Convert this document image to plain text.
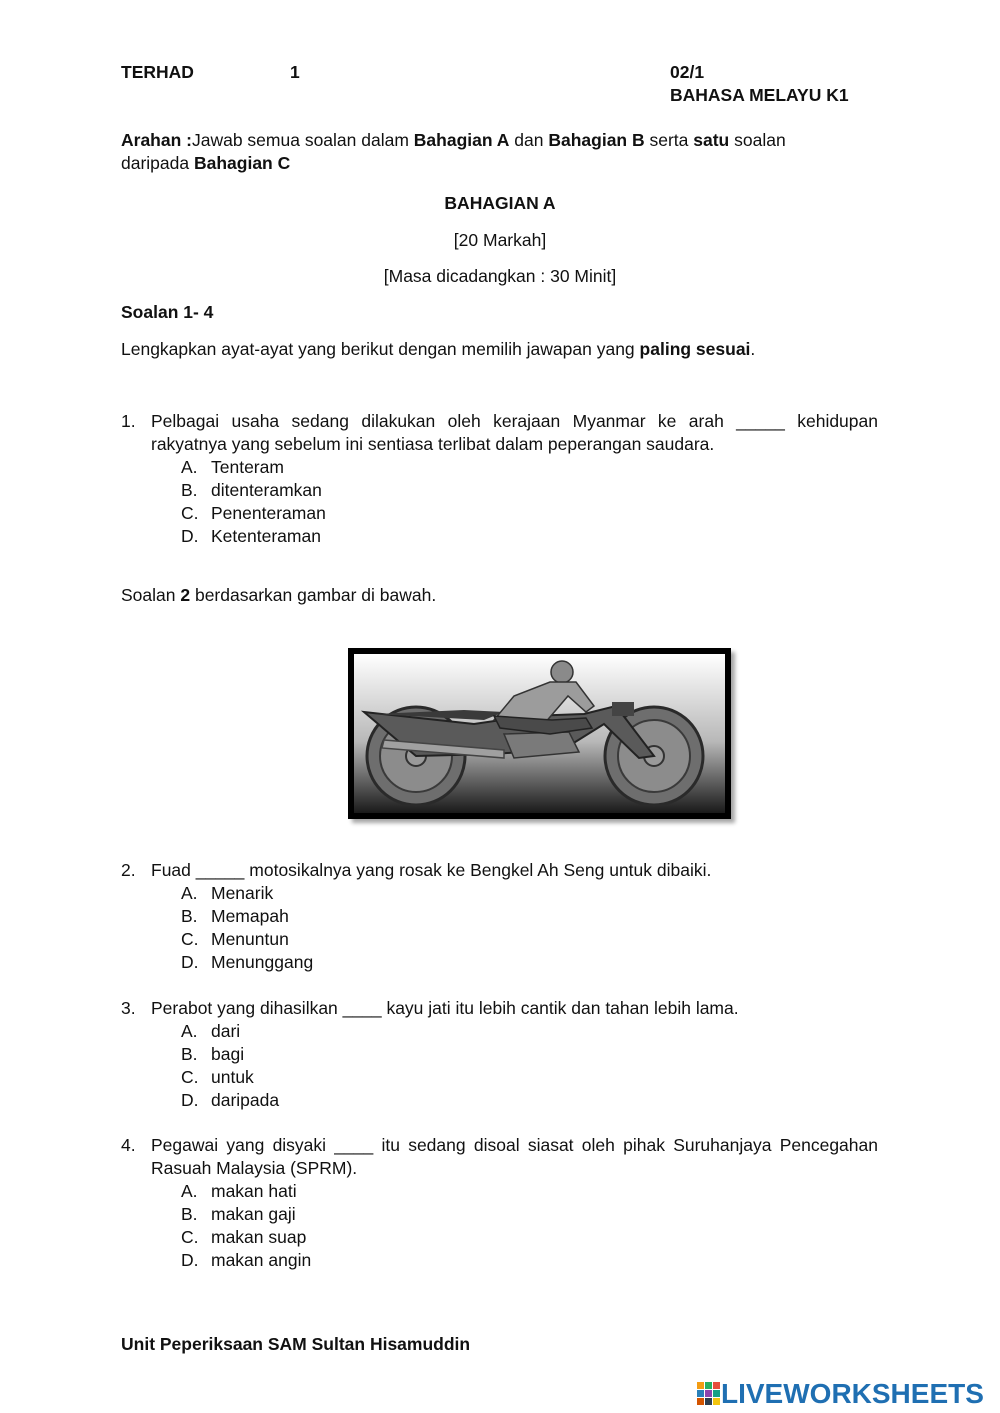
TERHAD	1	02/1
BAHASA MELAYU K1
Arahan :Jawab semua soalan dalam Bahagian A dan Bahagian B serta satu soalan daripada Bahagian C
BAHAGIAN A
[20 Markah]
[Masa dicadangkan : 30 Minit]
Soalan 1- 4
Lengkapkan ayat-ayat yang berikut dengan memilih jawapan yang paling sesuai.
1. Pelbagai usaha sedang dilakukan oleh kerajaan Myanmar ke arah _____ kehidupan rakyatnya yang sebelum ini sentiasa terlibat dalam peperangan saudara.
A. Tenteram
B. ditenteramkan
C. Penenteraman
D. Ketenteraman
Soalan 2 berdasarkan gambar di bawah.
2. Fuad _____ motosikalnya yang rosak ke Bengkel Ah Seng untuk dibaiki.
A. Menarik
B. Memapah
C. Menuntun
D. Menunggang
3. Perabot yang dihasilkan ____ kayu jati itu lebih cantik dan tahan lebih lama.
A. dari
B. bagi
C. untuk
D. daripada
4. Pegawai yang disyaki ____ itu sedang disoal siasat oleh pihak Suruhanjaya Pencegahan Rasuah Malaysia (SPRM).
A. makan hati
B. makan gaji
C. makan suap
D. makan angin
Unit Peperiksaan SAM Sultan Hisamuddin
LIVEWORKSHEETS
